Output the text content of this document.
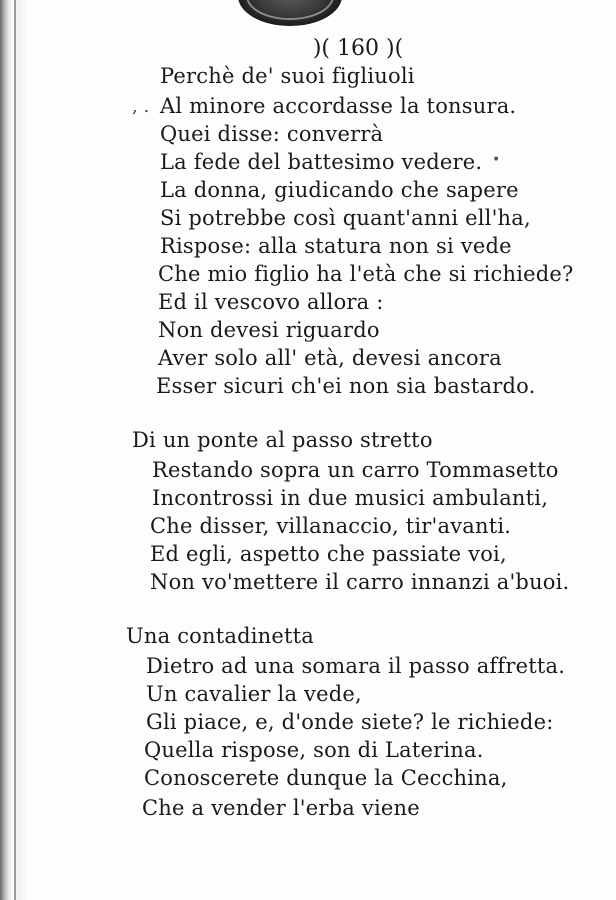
)( 160 )(
, .
•
Perchè de' suoi figliuoli
Al minore accordasse la tonsura.
Quei disse: converrà
La fede del battesimo vedere.
La donna, giudicando che sapere
Si potrebbe così quant'anni ell'ha,
Rispose: alla statura non si vede
Che mio figlio ha l'età che si richiede?
Ed il vescovo allora :
Non devesi riguardo
Aver solo all' età, devesi ancora
Esser sicuri ch'ei non sia bastardo.
Di un ponte al passo stretto
Restando sopra un carro Tommasetto
Incontrossi in due musici ambulanti,
Che disser, villanaccio, tir'avanti.
Ed egli, aspetto che passiate voi,
Non vo'mettere il carro innanzi a'buoi.
Una contadinetta
Dietro ad una somara il passo affretta.
Un cavalier la vede,
Gli piace, e, d'onde siete? le richiede:
Quella rispose, son di Laterina.
Conoscerete dunque la Cecchina,
Che a vender l'erba viene
